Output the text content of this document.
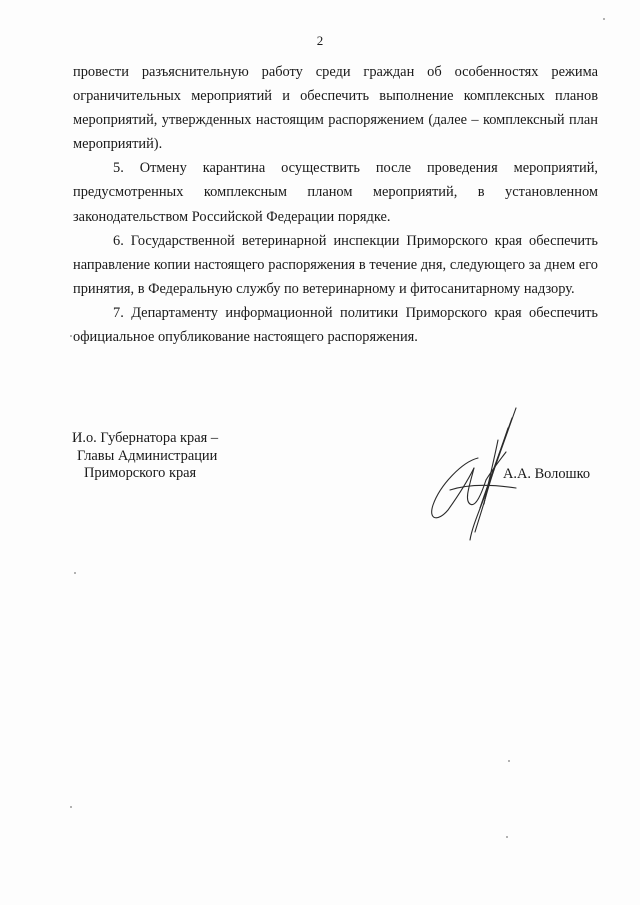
2

провести разъяснительную работу среди граждан об особенностях режима ограничительных мероприятий и обеспечить выполнение комплексных планов мероприятий, утвержденных настоящим распоряжением (далее – комплексный план мероприятий).

5. Отмену карантина осуществить после проведения мероприятий, предусмотренных комплексным планом мероприятий, в установленном законодательством Российской Федерации порядке.

6. Государственной ветеринарной инспекции Приморского края обеспечить направление копии настоящего распоряжения в течение дня, следующего за днем его принятия, в Федеральную службу по ветеринарному и фитосанитарному надзору.

7. Департаменту информационной политики Приморского края обеспечить официальное опубликование настоящего распоряжения.

И.о. Губернатора края –
Главы Администрации
Приморского края	А.А. Волошко
